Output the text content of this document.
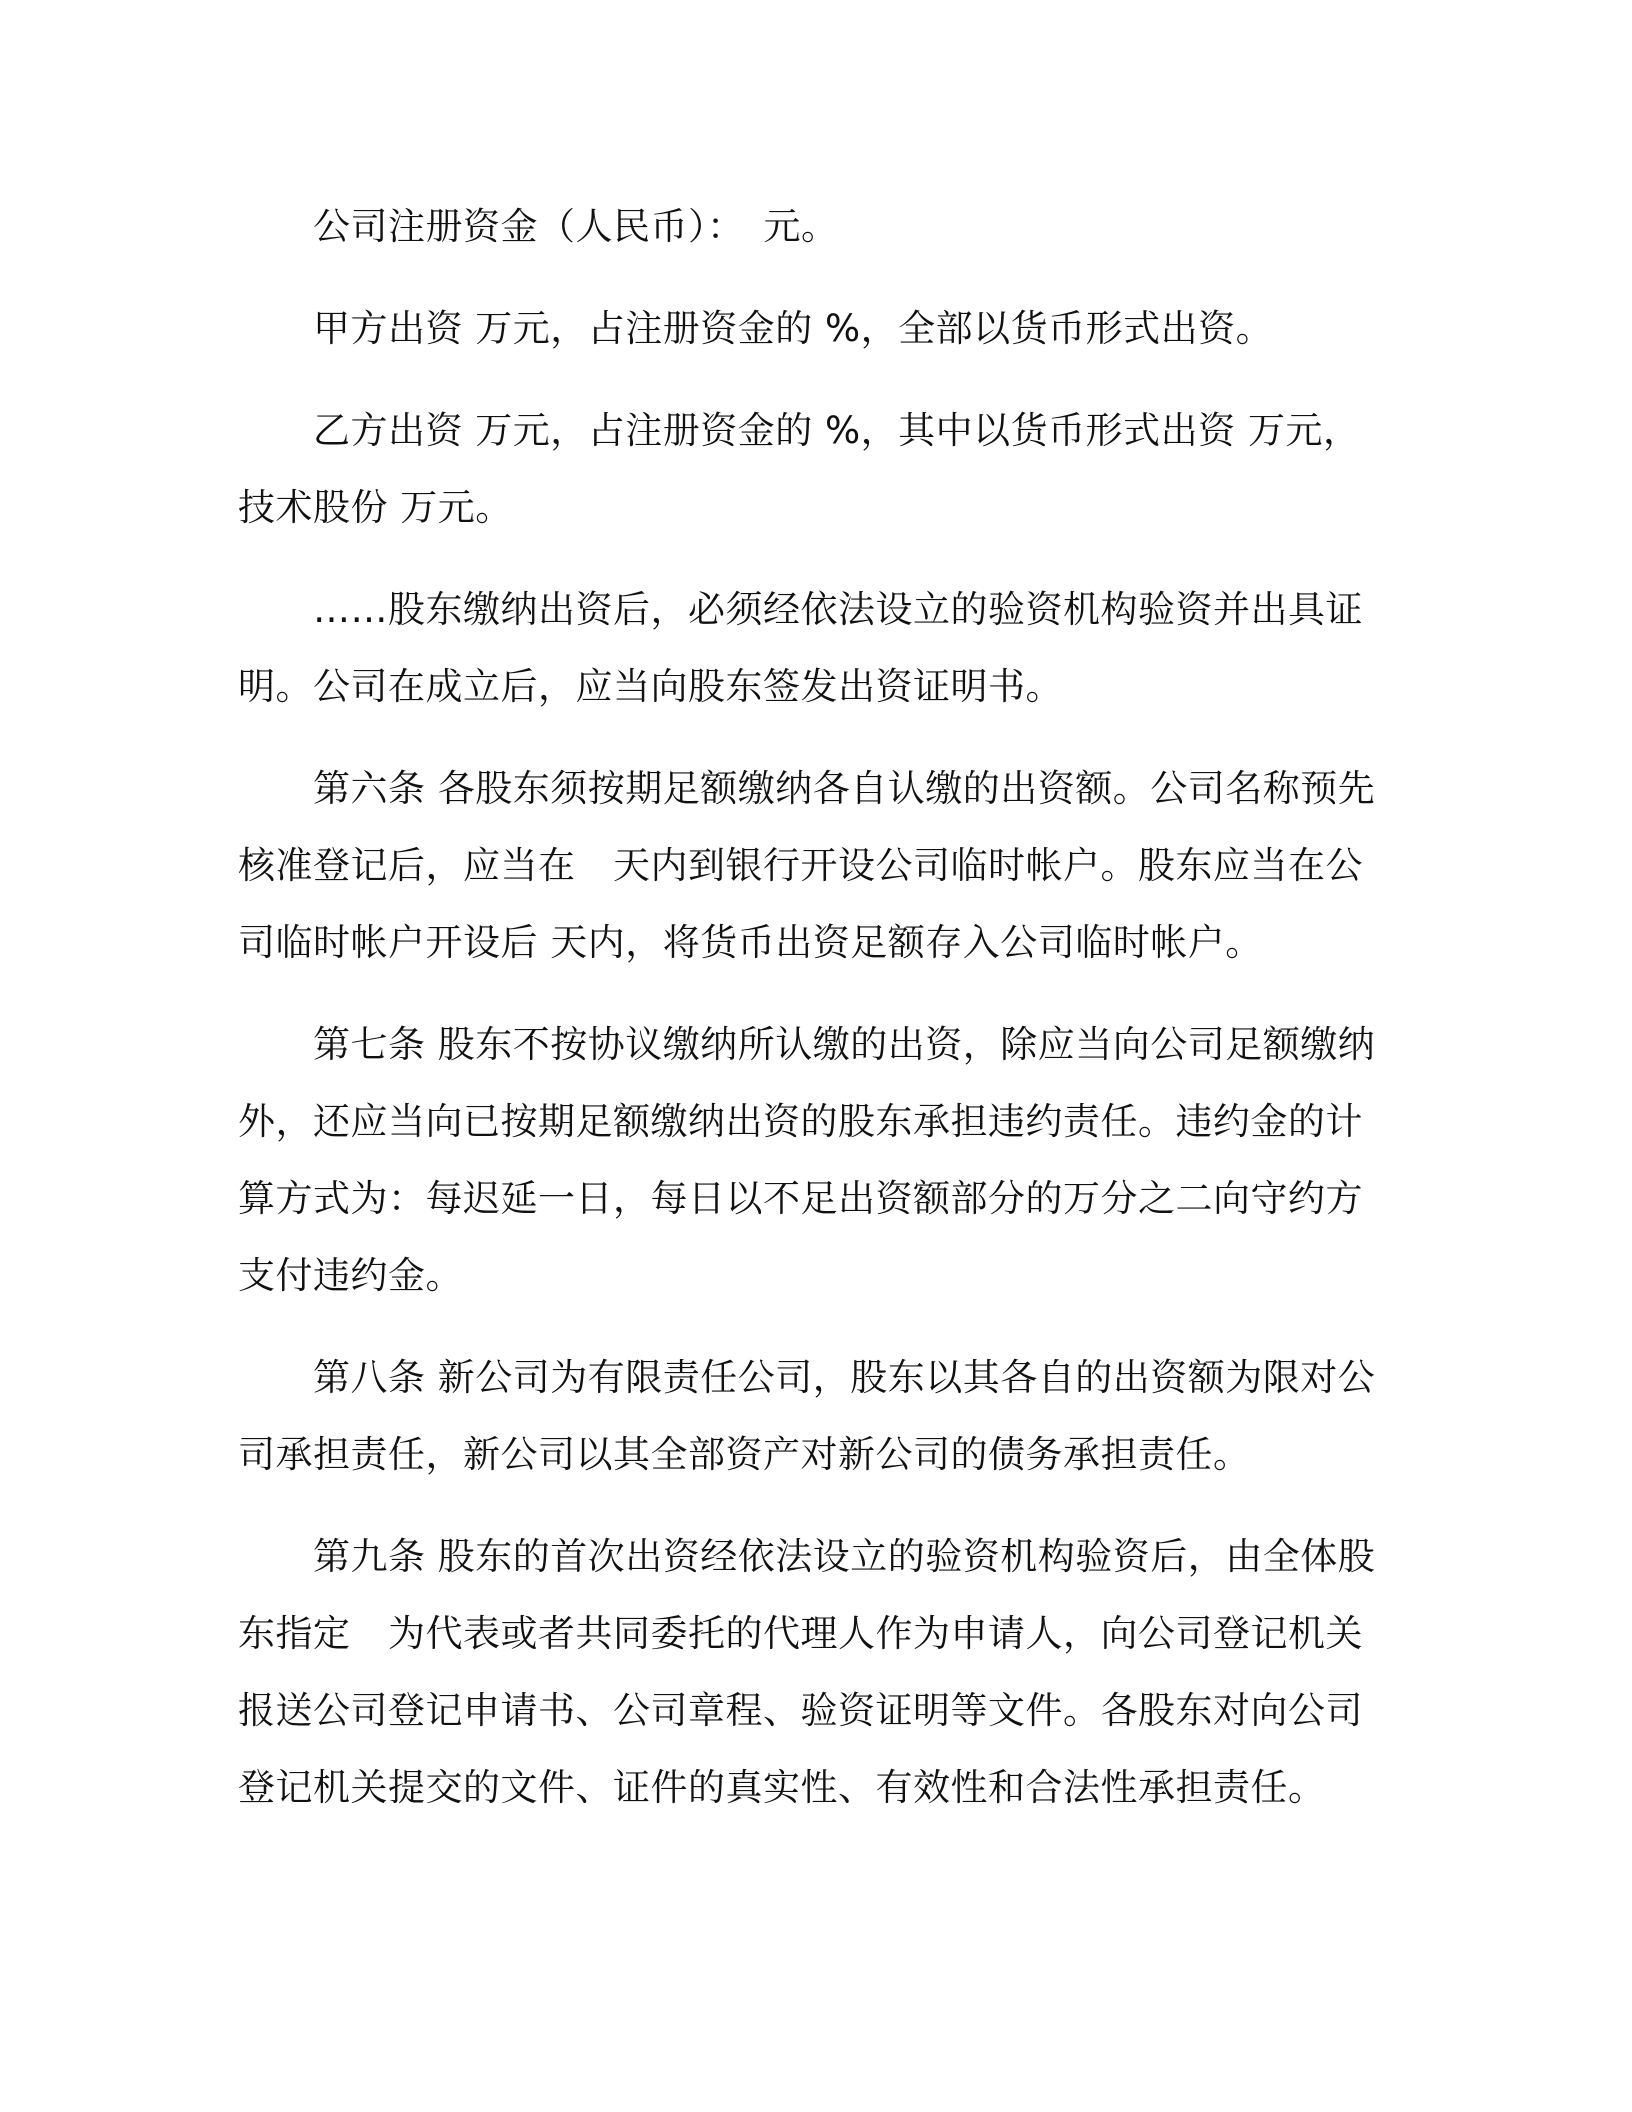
公司注册资金（人民币）：　元。

甲方出资 万元，占注册资金的 %，全部以货币形式出资。

乙方出资 万元，占注册资金的 %，其中以货币形式出资 万元，技术股份 万元。

……股东缴纳出资后，必须经依法设立的验资机构验资并出具证明。公司在成立后，应当向股东签发出资证明书。

第六条 各股东须按期足额缴纳各自认缴的出资额。公司名称预先核准登记后，应当在　天内到银行开设公司临时帐户。股东应当在公司临时帐户开设后 天内，将货币出资足额存入公司临时帐户。

第七条 股东不按协议缴纳所认缴的出资，除应当向公司足额缴纳外，还应当向已按期足额缴纳出资的股东承担违约责任。违约金的计算方式为：每迟延一日，每日以不足出资额部分的万分之二向守约方支付违约金。

第八条 新公司为有限责任公司，股东以其各自的出资额为限对公司承担责任，新公司以其全部资产对新公司的债务承担责任。

第九条 股东的首次出资经依法设立的验资机构验资后，由全体股东指定　为代表或者共同委托的代理人作为申请人，向公司登记机关报送公司登记申请书、公司章程、验资证明等文件。各股东对向公司登记机关提交的文件、证件的真实性、有效性和合法性承担责任。
